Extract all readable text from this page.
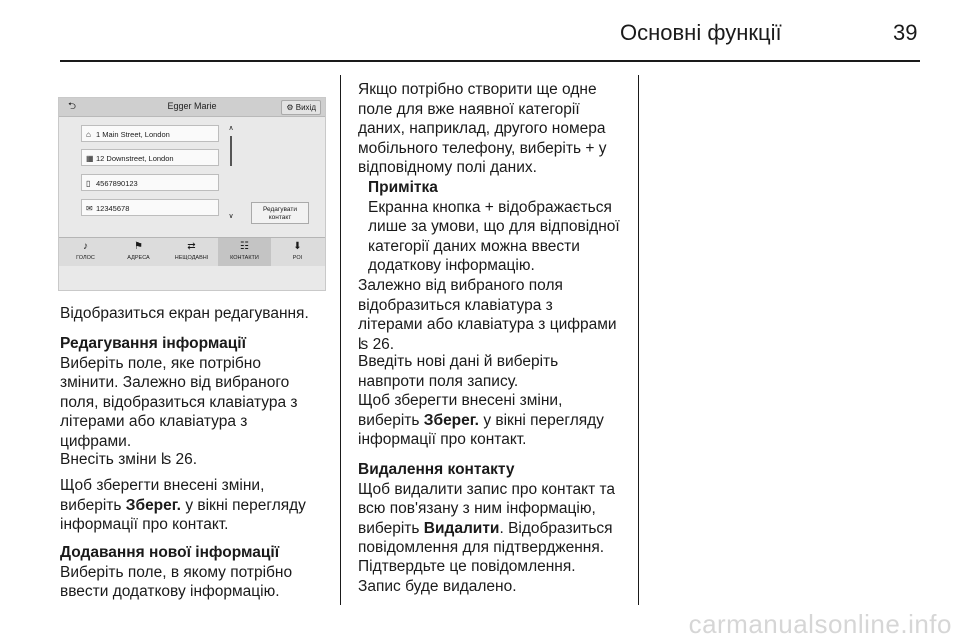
Основні функції	39
⮌	Egger Marie	⚙ Вихід
⌂ 1 Main Street, London
▦ 12 Downstreet, London
▯ 4567890123
✉ 12345678
∧
∨
Редагувати
контакт
♪
ГОЛОС
⚑
АДРЕСА
⇄
НЕЩОДАВНІ
☷
КОНТАКТИ
⬇
POI
Відобразиться екран редагування.
Редагування інформації
Виберіть поле, яке потрібно
змінити. Залежно від вибраного
поля, відобразиться клавіатура з
літерами або клавіатура з
цифрами.
Внесіть зміни ʪ 26.
Щоб зберегти внесені зміни,
виберіть Зберег. у вікні перегляду
інформації про контакт.
Додавання нової інформації
Виберіть поле, в якому потрібно
ввести додаткову інформацію.
Якщо потрібно створити ще одне
поле для вже наявної категорії
даних, наприклад, другого номера
мобільного телефону, виберіть + у
відповідному полі даних.
Примітка
Екранна кнопка + відображається
лише за умови, що для відповідної
категорії даних можна ввести
додаткову інформацію.
Залежно від вибраного поля
відобразиться клавіатура з
літерами або клавіатура з цифрами
ʪ 26.
Введіть нові дані й виберіть
навпроти поля запису.
Щоб зберегти внесені зміни,
виберіть Зберег. у вікні перегляду
інформації про контакт.
Видалення контакту
Щоб видалити запис про контакт та
всю пов'язану з ним інформацію,
виберіть Видалити. Відобразиться
повідомлення для підтвердження.
Підтвердьте це повідомлення.
Запис буде видалено.
carmanualsonline.info
